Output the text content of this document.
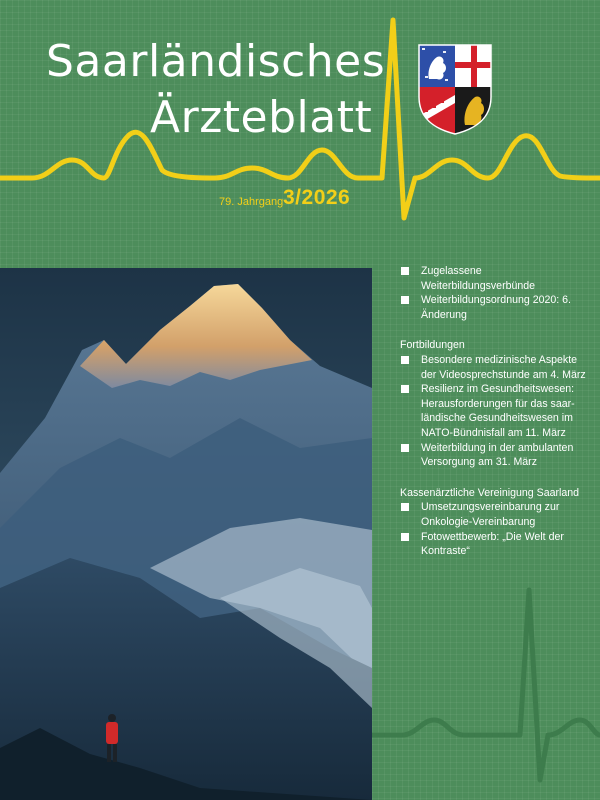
Saarländisches
Ärzteblatt
79. Jahrgang 3/2026
Zugelassene Weiterbildungsverbünde
Weiterbildungsordnung 2020: 6. Änderung
Fortbildungen
Besondere medizinische Aspekte der Videosprechstunde am 4. März
Resilienz im Gesundheitswesen: Herausforderungen für das saar-ländische Gesundheitswesen im NATO-Bündnisfall am 11. März
Weiterbildung in der ambulanten Versorgung am 31. März
Kassenärztliche Vereinigung Saarland
Umsetzungsvereinbarung zur Onkologie-Vereinbarung
Fotowettbewerb: „Die Welt der Kontraste“
